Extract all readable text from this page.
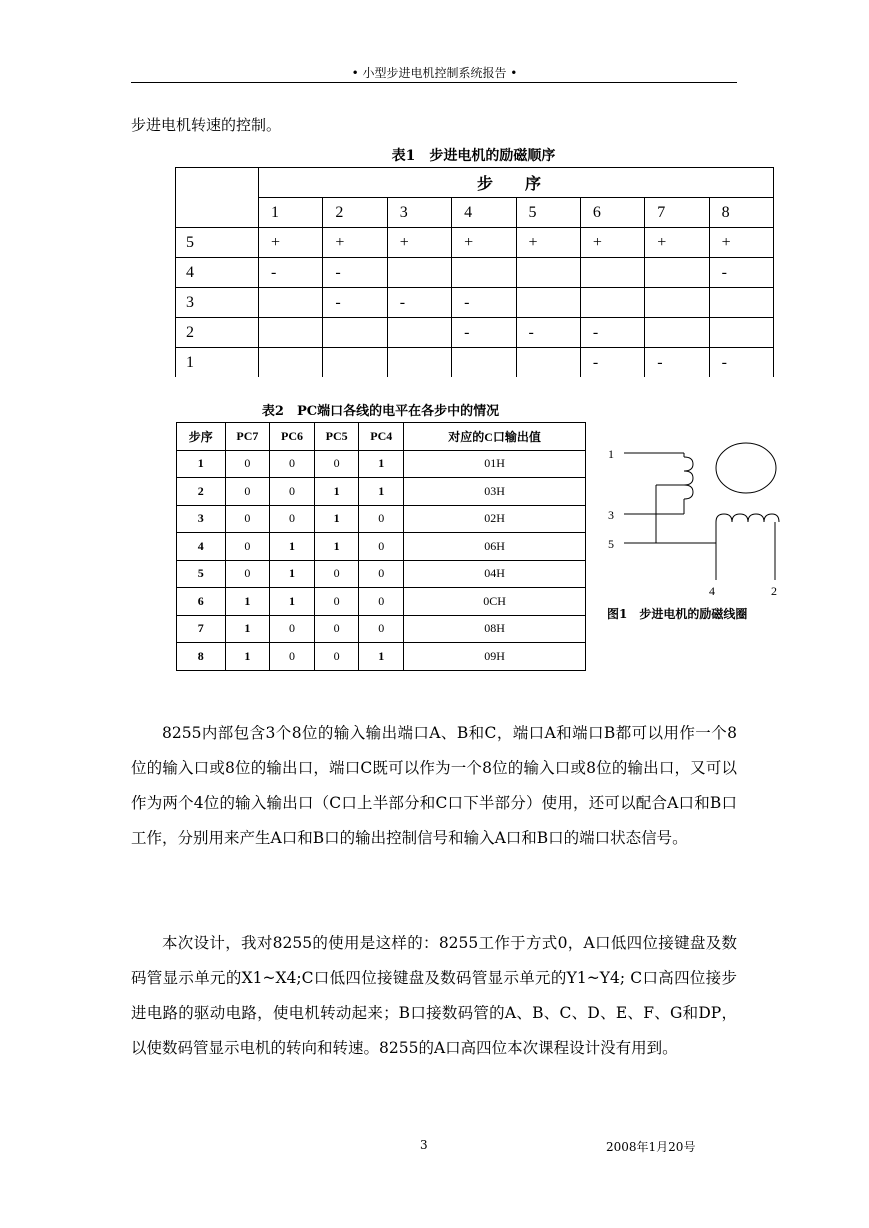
• 小型步进电机控制系统报告 •
步进电机转速的控制。
表1　步进电机的励磁顺序
	步 序							
	1	2	3	4	5	6	7	8
5	+	+	+	+	+	+	+	+
4	-	-						-
3		-	-	-				
2				-	-	-		
1						-	-	-
表2　PC端口各线的电平在各步中的情况
步序	PC7	PC6	PC5	PC4	对应的C口输出值
1	0	0	0	1	01H
2	0	0	1	1	03H
3	0	0	1	0	02H
4	0	1	1	0	06H
5	0	1	0	0	04H
6	1	1	0	0	0CH
7	1	0	0	0	08H
8	1	0	0	1	09H
1
3
5
4	2
图1　步进电机的励磁线圈

8255内部包含3个8位的输入输出端口A、B和C，端口A和端口B都可以用作一个8位的输入口或8位的输出口，端口C既可以作为一个8位的输入口或8位的输出口，又可以作为两个4位的输入输出口（C口上半部分和C口下半部分）使用，还可以配合A口和B口工作，分别用来产生A口和B口的输出控制信号和输入A口和B口的端口状态信号。

本次设计，我对8255的使用是这样的：8255工作于方式0，A口低四位接键盘及数码管显示单元的X1~X4;C口低四位接键盘及数码管显示单元的Y1~Y4; C口高四位接步进电路的驱动电路，使电机转动起来；B口接数码管的A、B、C、D、E、F、G和DP，以使数码管显示电机的转向和转速。8255的A口高四位本次课程设计没有用到。

3	2008年1月20号
